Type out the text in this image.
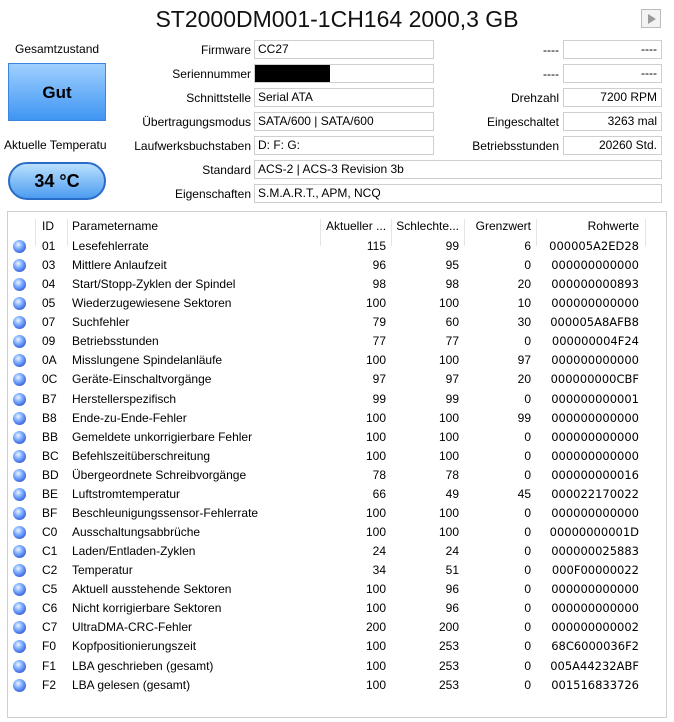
ST2000DM001-1CH164 2000,3 GB
Gesamtzustand
Gut
Aktuelle Temperatu
34 °C
Firmware CC27
Seriennummer
Schnittstelle Serial ATA
Übertragungsmodus SATA/600 | SATA/600
Laufwerksbuchstaben D: F: G:
Standard ACS-2 | ACS-3 Revision 3b
Eigenschaften S.M.A.R.T., APM, NCQ
----	----
----	----
Drehzahl	7200 RPM
Eingeschaltet	3263 mal
Betriebsstunden	20260 Std.
ID Parametername	Aktueller ... Schlechte...	Grenzwert	Rohwerte
01 Lesefehlerrate	115	99	6	000005A2ED28
03 Mittlere Anlaufzeit	96	95	0	000000000000
04 Start/Stopp-Zyklen der Spindel	98	98	20	000000000893
05 Wiederzugewiesene Sektoren	100	100	10	000000000000
07 Suchfehler	79	60	30	000005A8AFB8
09 Betriebsstunden	77	77	0	000000004F24
0A Misslungene Spindelanläufe	100	100	97	000000000000
0C Geräte-Einschaltvorgänge	97	97	20	000000000CBF
B7 Herstellerspezifisch	99	99	0	000000000001
B8 Ende-zu-Ende-Fehler	100	100	99	000000000000
BB Gemeldete unkorrigierbare Fehler	100	100	0	000000000000
BC Befehlszeitüberschreitung	100	100	0	000000000000
BD Übergeordnete Schreibvorgänge	78	78	0	000000000016
BE Luftstromtemperatur	66	49	45	000022170022
BF Beschleunigungssensor-Fehlerrate	100	100	0	000000000000
C0 Ausschaltungsabbrüche	100	100	0	00000000001D
C1 Laden/Entladen-Zyklen	24	24	0	000000025883
C2 Temperatur	34	51	0	000F00000022
C5 Aktuell ausstehende Sektoren	100	96	0	000000000000
C6 Nicht korrigierbare Sektoren	100	96	0	000000000000
C7 UltraDMA-CRC-Fehler	200	200	0	000000000002
F0 Kopfpositionierungszeit	100	253	0	68C6000036F2
F1 LBA geschrieben (gesamt)	100	253	0	005A44232ABF
F2 LBA gelesen (gesamt)	100	253	0	001516833726
